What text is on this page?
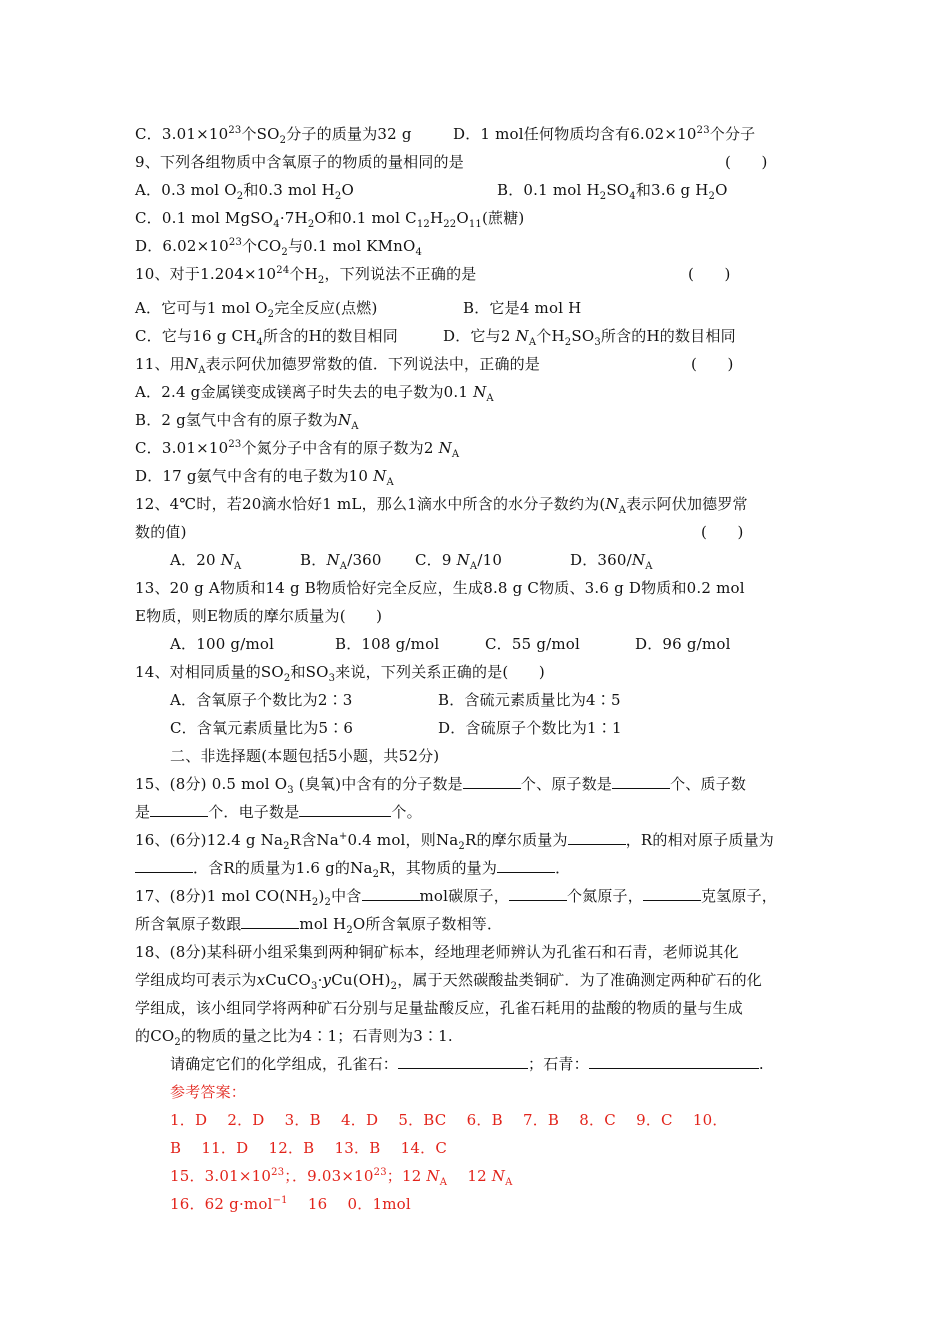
C．$3.01\times 10^{23}$个$SO_2$分子的质量为32 g	D．1 mol任何物质均含有$6.02\times 10^{23}$个分子
9、下列各组物质中含氧原子的物质的量相同的是	(　　)
A．0.3 mol $O_2$和0.3 mol $H_2O$	B．0.1 mol $H_2SO_4$和3.6 g $H_2O$
C．0.1 mol $MgSO_4\cdot 7H_2O$和0.1 mol $C_{12}H_{22}O_{11}$(蔗糖)
D．$6.02\times 10^{23}$个$CO_2$与0.1 mol KMnO$_4$
10、对于$1.204\times 10^{24}$个$H_2$，下列说法不正确的是	(　　)
A．它可与1 mol $O_2$完全反应(点燃)	B．它是4 mol H
C．它与16 g $CH_4$所含的H的数目相同	D．它与2 $N_A$个$H_2SO_3$所含的H的数目相同
11、用$N_A$表示阿伏加德罗常数的值．下列说法中，正确的是	(　　)
A．2.4 g金属镁变成镁离子时失去的电子数为0.1 $N_A$
B．2 g氢气中含有的原子数为$N_A$
C．$3.01\times 10^{23}$个氮分子中含有的原子数为2 $N_A$
D．17 g氨气中含有的电子数为10 $N_A$
12、4℃时，若20滴水恰好1 mL，那么1滴水中所含的水分子数约为($N_A$表示阿伏加德罗常
数的值)	(　　)
A．20 $N_A$	B．$N_A/360$ C．9 $N_A/10$	D．$360/N_A$
13、20 g A物质和14 g B物质恰好完全反应，生成8.8 g C物质、3.6 g D物质和0.2 mol
E物质，则E物质的摩尔质量为(　　)
A．100 g/mol	B．108 g/mol	C．55 g/mol	D．96 g/mol
14、对相同质量的$SO_2$和$SO_3$来说，下列关系正确的是(　　)
A．含氧原子个数比为2∶3	B．含硫元素质量比为4∶5
C．含氧元素质量比为5∶6	D．含硫原子个数比为1∶1
二、非选择题(本题包括5小题，共52分)
15、(8分) 0.5 mol $O_3$ (臭氧)中含有的分子数是	个、原子数是	个、质子数
是	个．电子数是	个。
16、(6分)12.4 g $Na_2R$含Na+0.4 mol，则$Na_2R$的摩尔质量为	，R的相对原子质量为
．含R的质量为1.6 g的$Na_2R$，其物质的量为	．
17、(8分)1 mol $CO(NH_2)_2$中含	mol碳原子，	个氮原子，	克氢原子，
所含氧原子数跟	mol $H_2O$所含氧原子数相等．
18、(8分)某科研小组采集到两种铜矿标本，经地理老师辨认为孔雀石和石青，老师说其化
学组成均可表示为$xCuCO_3\cdot yCu(OH)_2$，属于天然碳酸盐类铜矿．为了准确测定两种矿石的化
学组成，该小组同学将两种矿石分别与足量盐酸反应，孔雀石耗用的盐酸的物质的量与生成
的$CO_2$的物质的量之比为4∶1；石青则为3∶1.
请确定它们的化学组成，孔雀石：	；石青：	.
参考答案：
1．D　 2．D　 3．B　 4．D　 5．BC　 6．B　 7．B　 8．C　 9．C　 10．
B　 11．D　 12．B　 13．B　 14．C
15．$3.01\times 10^{23}$；．$9.03\times 10^{23}$；12 $N_A$　 12 $N_A$
16．62 g·mol$^{-1}$　 16　 0．1mol
